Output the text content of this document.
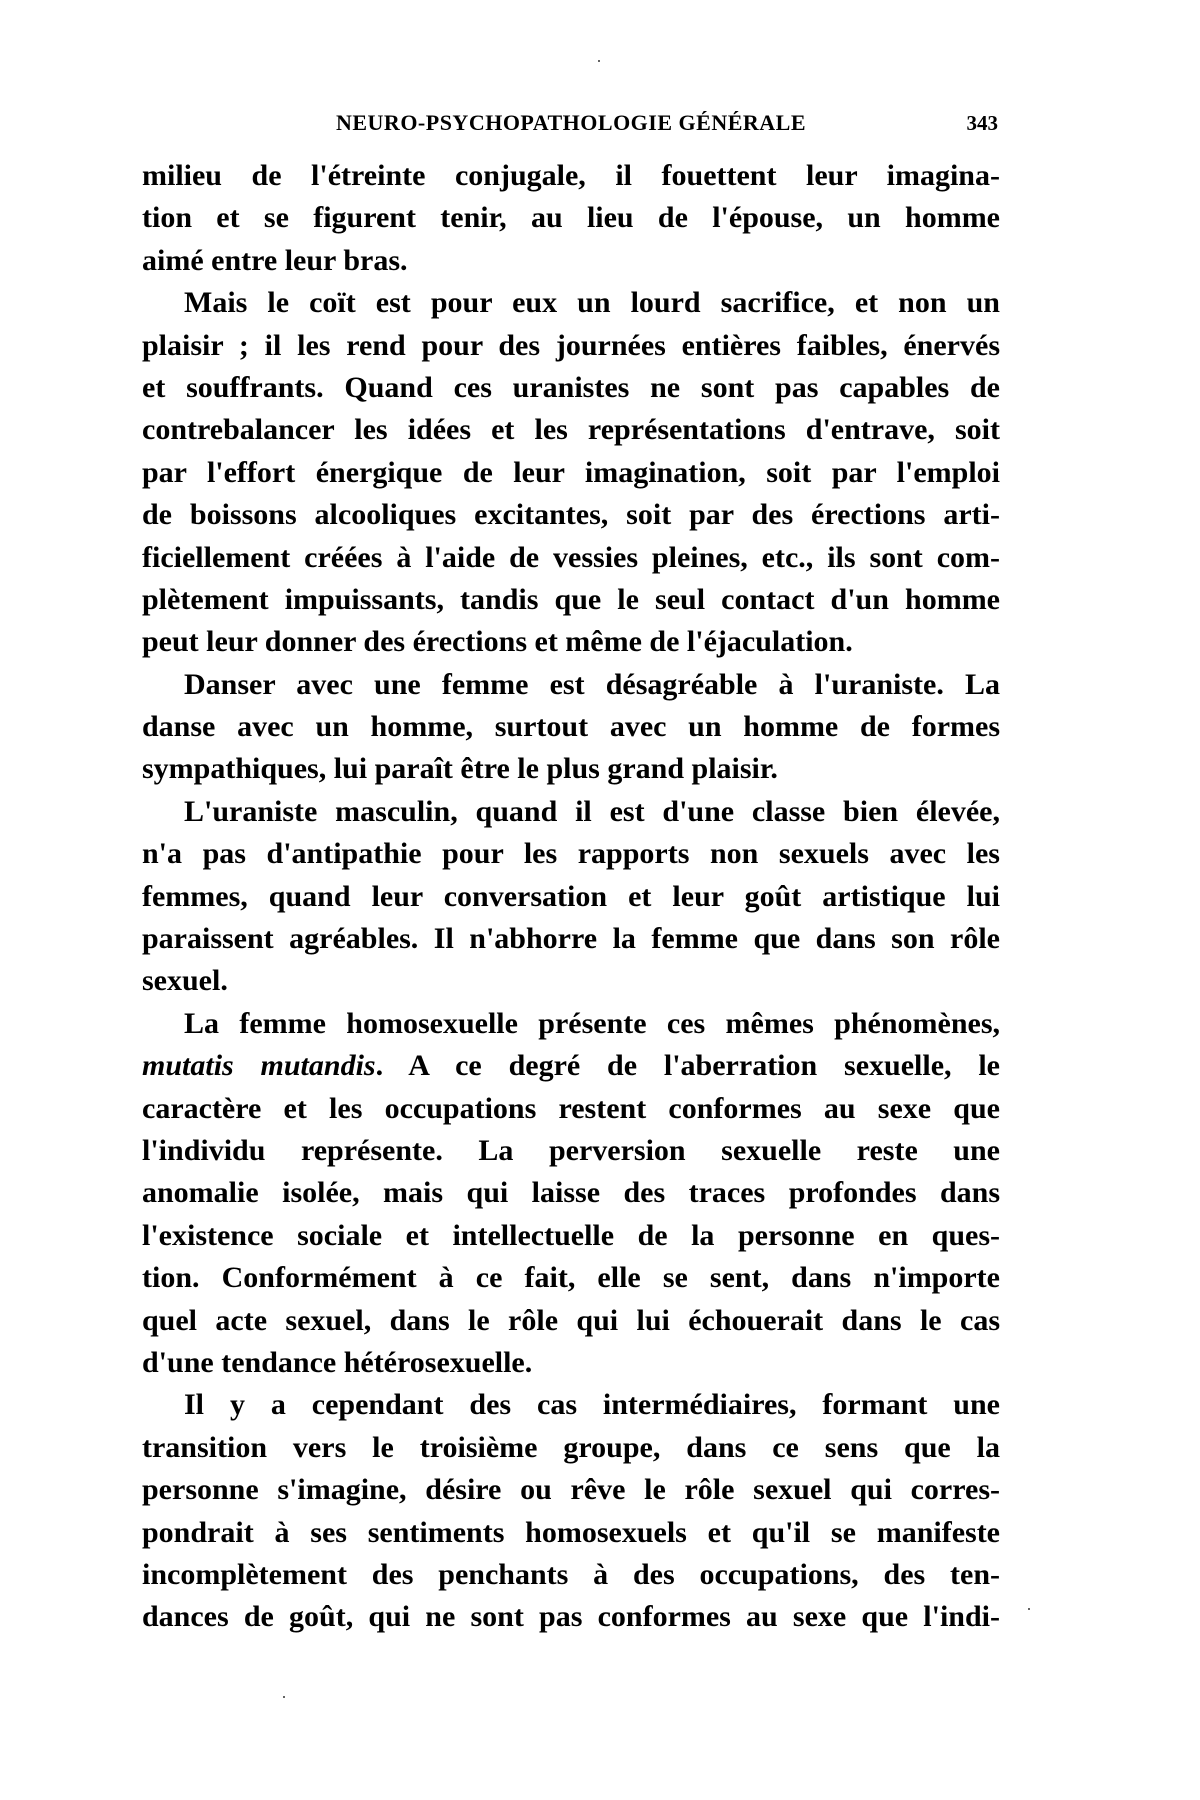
NEURO-PSYCHOPATHOLOGIE GÉNÉRALE	343
milieu de l'étreinte conjugale, il fouettent leur imagina-
tion et se figurent tenir, au lieu de l'épouse, un homme
aimé entre leur bras.
Mais le coït est pour eux un lourd sacrifice, et non un
plaisir ; il les rend pour des journées entières faibles, énervés
et souffrants. Quand ces uranistes ne sont pas capables de
contrebalancer les idées et les représentations d'entrave, soit
par l'effort énergique de leur imagination, soit par l'emploi
de boissons alcooliques excitantes, soit par des érections arti-
ficiellement créées à l'aide de vessies pleines, etc., ils sont com-
plètement impuissants, tandis que le seul contact d'un homme
peut leur donner des érections et même de l'éjaculation.
Danser avec une femme est désagréable à l'uraniste. La
danse avec un homme, surtout avec un homme de formes
sympathiques, lui paraît être le plus grand plaisir.
L'uraniste masculin, quand il est d'une classe bien élevée,
n'a pas d'antipathie pour les rapports non sexuels avec les
femmes, quand leur conversation et leur goût artistique lui
paraissent agréables. Il n'abhorre la femme que dans son rôle
sexuel.
La femme homosexuelle présente ces mêmes phénomènes,
mutatis mutandis. A ce degré de l'aberration sexuelle, le
caractère et les occupations restent conformes au sexe que
l'individu représente. La perversion sexuelle reste une
anomalie isolée, mais qui laisse des traces profondes dans
l'existence sociale et intellectuelle de la personne en ques-
tion. Conformément à ce fait, elle se sent, dans n'importe
quel acte sexuel, dans le rôle qui lui échouerait dans le cas
d'une tendance hétérosexuelle.
Il y a cependant des cas intermédiaires, formant une
transition vers le troisième groupe, dans ce sens que la
personne s'imagine, désire ou rêve le rôle sexuel qui corres-
pondrait à ses sentiments homosexuels et qu'il se manifeste
incomplètement des penchants à des occupations, des ten-
dances de goût, qui ne sont pas conformes au sexe que l'indi-
